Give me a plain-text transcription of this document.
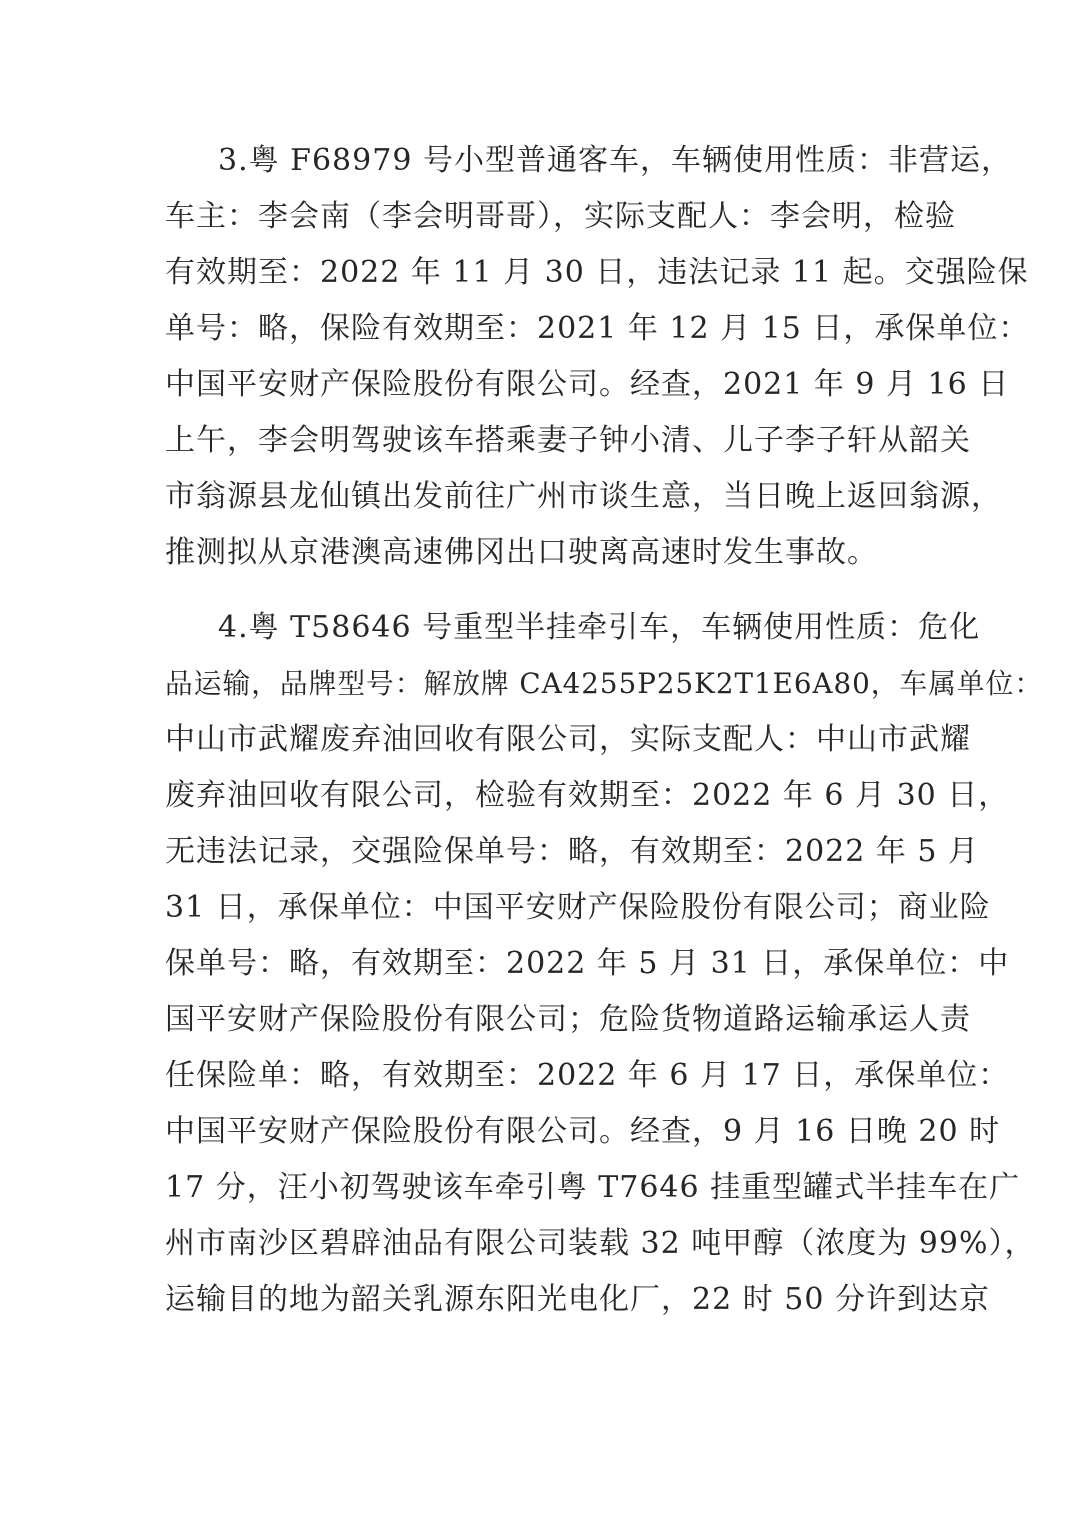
3.粤 F68979 号小型普通客车，车辆使用性质：非营运，
车主：李会南（李会明哥哥），实际支配人：李会明，检验
有效期至：2022 年 11 月 30 日，违法记录 11 起。交强险保
单号：略，保险有效期至：2021 年 12 月 15 日，承保单位：
中国平安财产保险股份有限公司。经查，2021 年 9 月 16 日
上午，李会明驾驶该车搭乘妻子钟小清、儿子李子轩从韶关
市翁源县龙仙镇出发前往广州市谈生意，当日晚上返回翁源，
推测拟从京港澳高速佛冈出口驶离高速时发生事故。
4.粤 T58646 号重型半挂牵引车，车辆使用性质：危化
品运输，品牌型号：解放牌 CA4255P25K2T1E6A80，车属单位：
中山市武耀废弃油回收有限公司，实际支配人：中山市武耀
废弃油回收有限公司，检验有效期至：2022 年 6 月 30 日，
无违法记录，交强险保单号：略，有效期至：2022 年 5 月
31 日，承保单位：中国平安财产保险股份有限公司；商业险
保单号：略，有效期至：2022 年 5 月 31 日，承保单位：中
国平安财产保险股份有限公司；危险货物道路运输承运人责
任保险单：略，有效期至：2022 年 6 月 17 日，承保单位：
中国平安财产保险股份有限公司。经查，9 月 16 日晚 20 时
17 分，汪小初驾驶该车牵引粤 T7646 挂重型罐式半挂车在广
州市南沙区碧辟油品有限公司装载 32 吨甲醇（浓度为 99%），
运输目的地为韶关乳源东阳光电化厂，22 时 50 分许到达京
